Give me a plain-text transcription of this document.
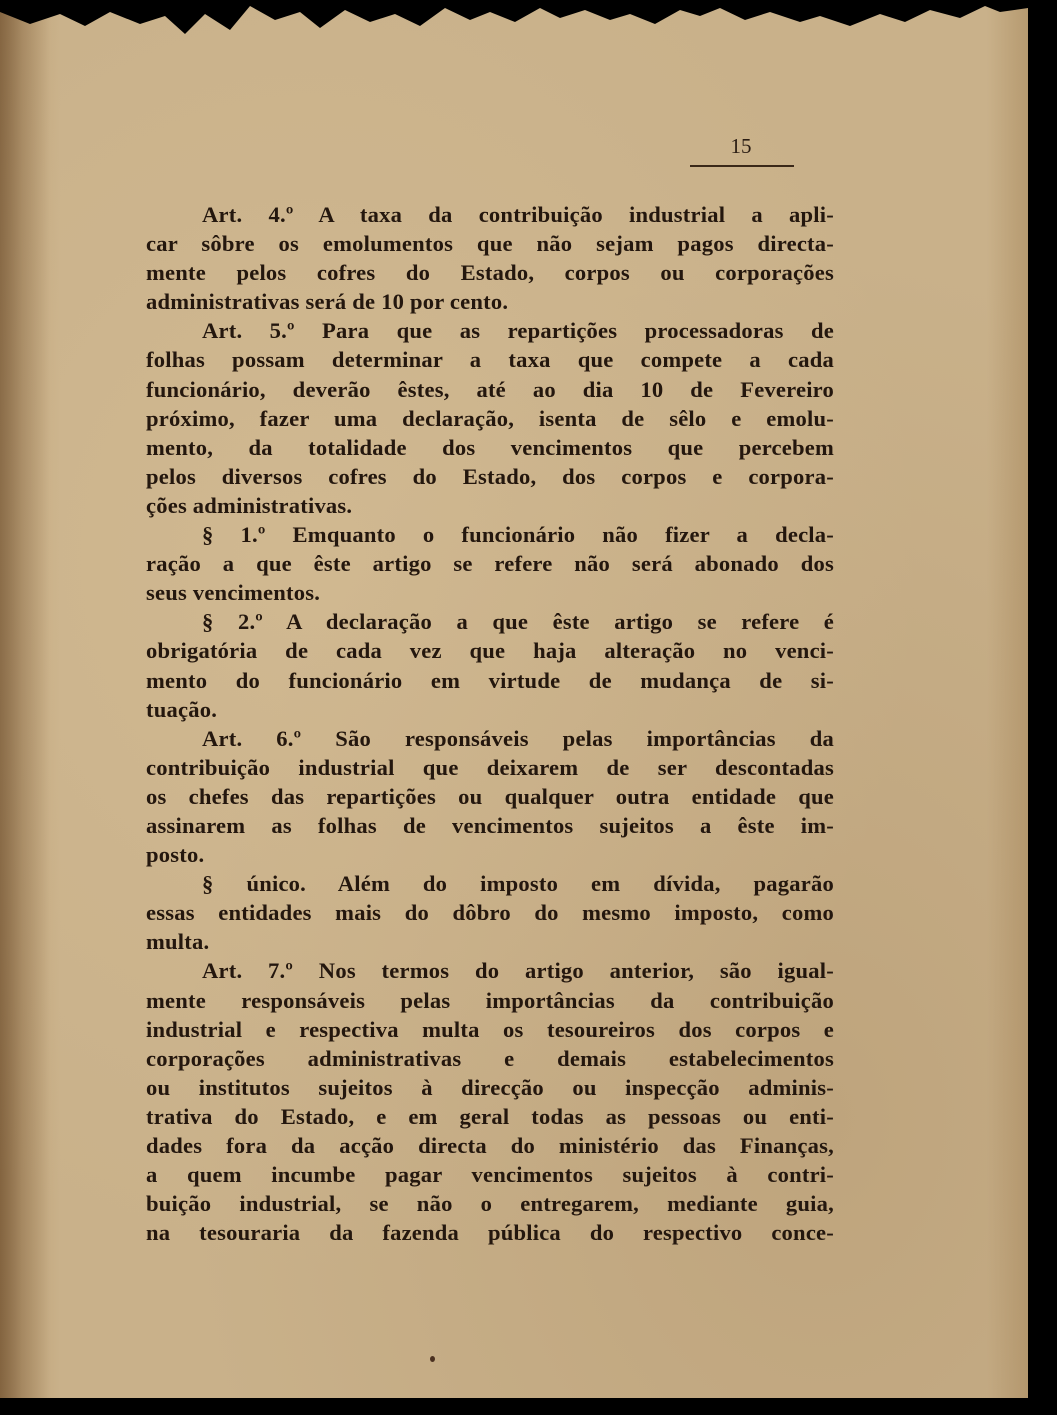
15
Art. 4.º A taxa da contribuição industrial a apli-
car sôbre os emolumentos que não sejam pagos directa-
mente pelos cofres do Estado, corpos ou corporações
administrativas será de 10 por cento.
Art. 5.º Para que as repartições processadoras de
folhas possam determinar a taxa que compete a cada
funcionário, deverão êstes, até ao dia 10 de Fevereiro
próximo, fazer uma declaração, isenta de sêlo e emolu-
mento, da totalidade dos vencimentos que percebem
pelos diversos cofres do Estado, dos corpos e corpora-
ções administrativas.
§ 1.º Emquanto o funcionário não fizer a decla-
ração a que êste artigo se refere não será abonado dos
seus vencimentos.
§ 2.º A declaração a que êste artigo se refere é
obrigatória de cada vez que haja alteração no venci-
mento do funcionário em virtude de mudança de si-
tuação.
Art. 6.º São responsáveis pelas importâncias da
contribuição industrial que deixarem de ser descontadas
os chefes das repartições ou qualquer outra entidade que
assinarem as folhas de vencimentos sujeitos a êste im-
posto.
§ único. Além do imposto em dívida, pagarão
essas entidades mais do dôbro do mesmo imposto, como
multa.
Art. 7.º Nos termos do artigo anterior, são igual-
mente responsáveis pelas importâncias da contribuição
industrial e respectiva multa os tesoureiros dos corpos e
corporações administrativas e demais estabelecimentos
ou institutos sujeitos à direcção ou inspecção adminis-
trativa do Estado, e em geral todas as pessoas ou enti-
dades fora da acção directa do ministério das Finanças,
a quem incumbe pagar vencimentos sujeitos à contri-
buição industrial, se não o entregarem, mediante guia,
na tesouraria da fazenda pública do respectivo conce-
